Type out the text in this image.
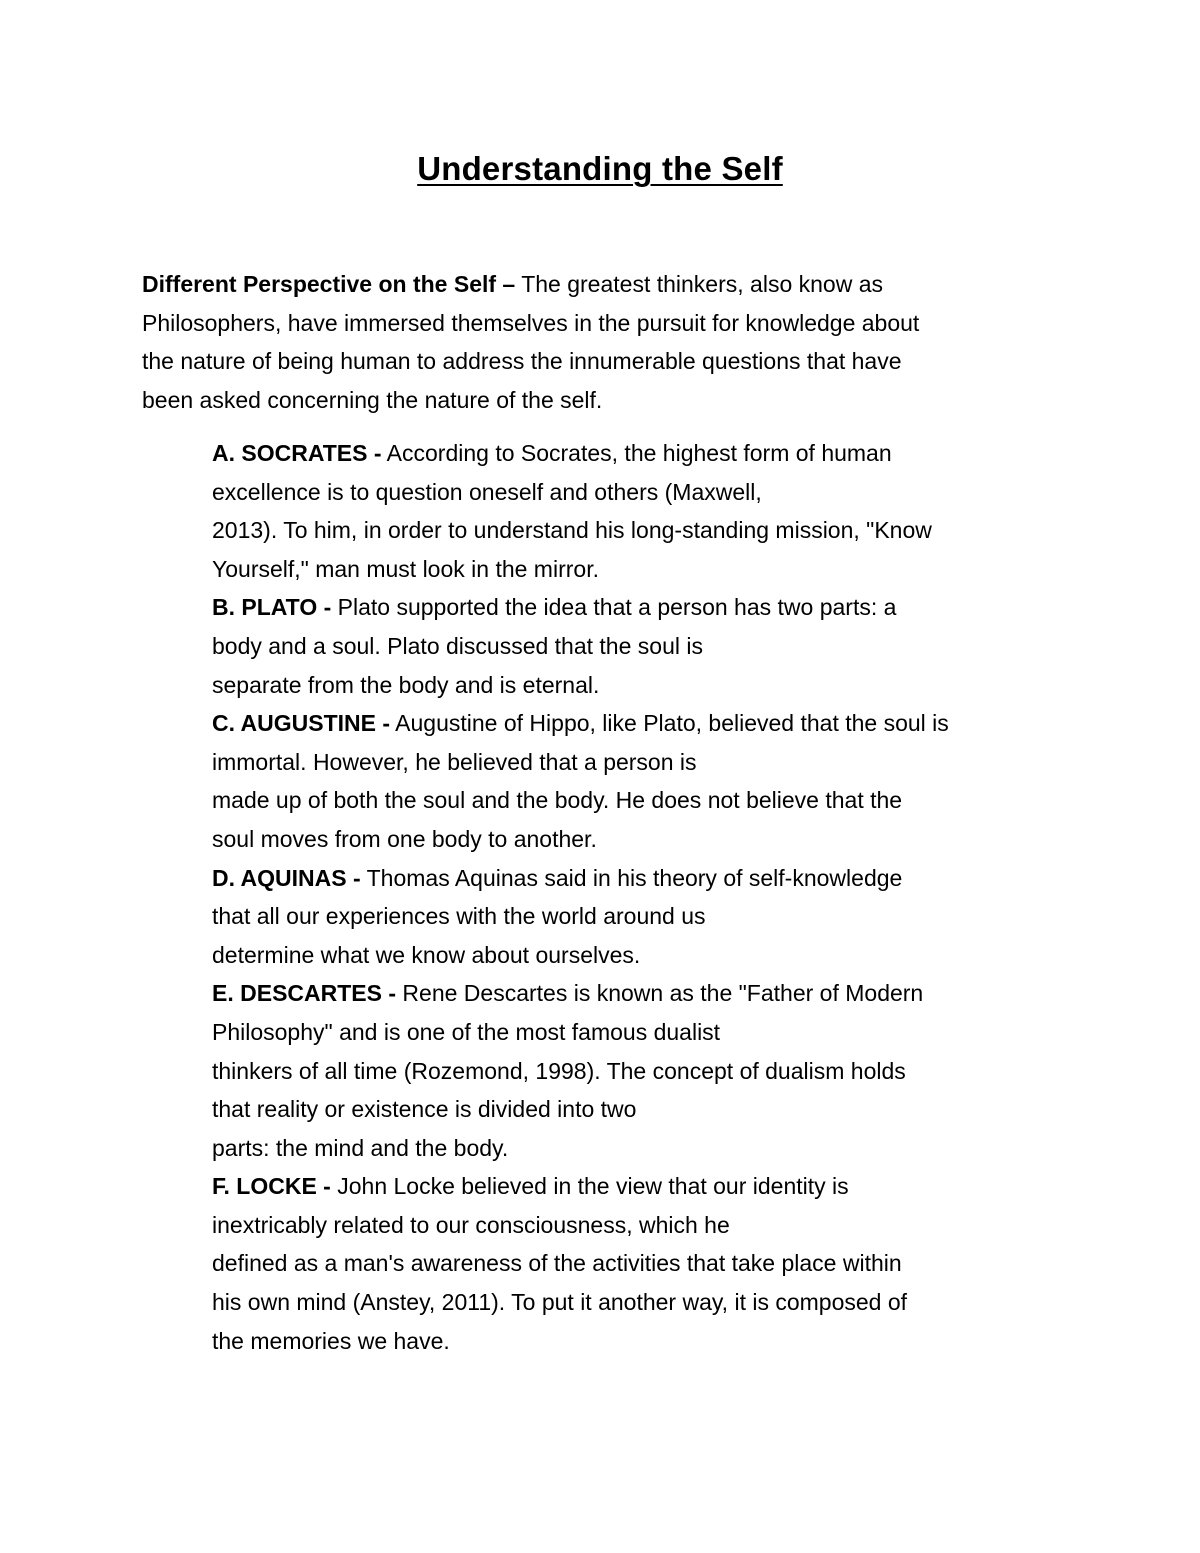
Understanding the Self

Different Perspective on the Self – The greatest thinkers, also know as
Philosophers, have immersed themselves in the pursuit for knowledge about
the nature of being human to address the innumerable questions that have
been asked concerning the nature of the self.

A. SOCRATES - According to Socrates, the highest form of human
excellence is to question oneself and others (Maxwell,
2013). To him, in order to understand his long-standing mission, "Know
Yourself," man must look in the mirror.
B. PLATO - Plato supported the idea that a person has two parts: a
body and a soul. Plato discussed that the soul is
separate from the body and is eternal.
C. AUGUSTINE - Augustine of Hippo, like Plato, believed that the soul is
immortal. However, he believed that a person is
made up of both the soul and the body. He does not believe that the
soul moves from one body to another.
D. AQUINAS - Thomas Aquinas said in his theory of self-knowledge
that all our experiences with the world around us
determine what we know about ourselves.
E. DESCARTES - Rene Descartes is known as the "Father of Modern
Philosophy" and is one of the most famous dualist
thinkers of all time (Rozemond, 1998). The concept of dualism holds
that reality or existence is divided into two
parts: the mind and the body.
F. LOCKE - John Locke believed in the view that our identity is
inextricably related to our consciousness, which he
defined as a man's awareness of the activities that take place within
his own mind (Anstey, 2011). To put it another way, it is composed of
the memories we have.
